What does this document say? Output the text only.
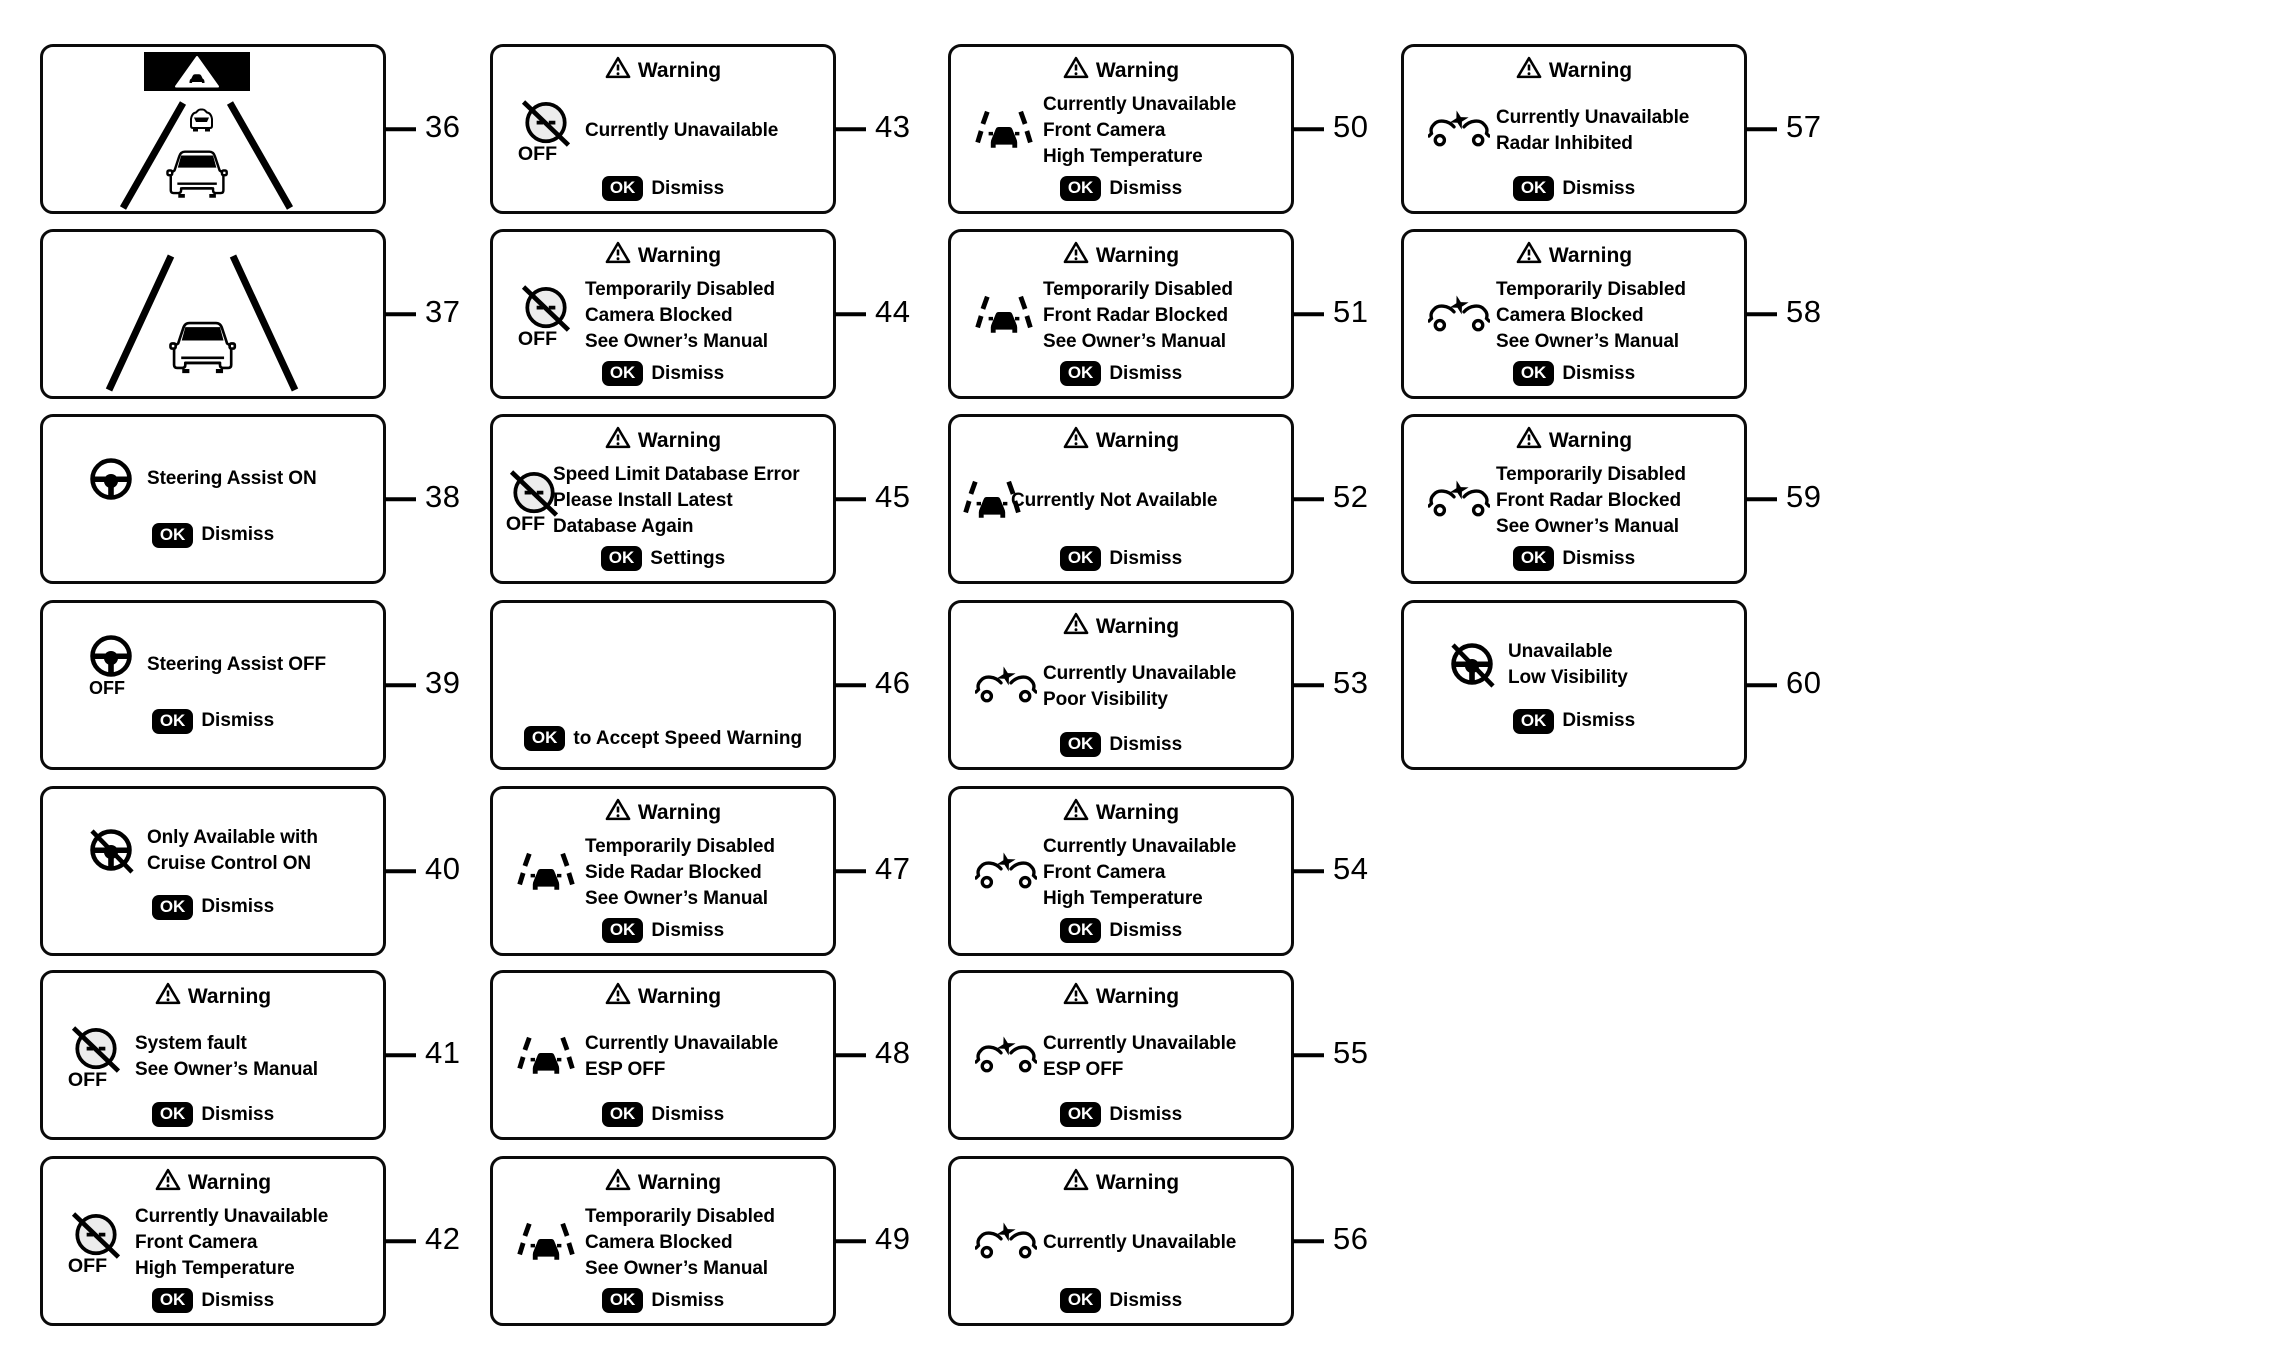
36
37
Steering Assist ON
OK Dismiss
38
OFF
Steering Assist OFF
OK Dismiss
39
Only Available with
Cruise Control ON
OK Dismiss
40
Warning
OFF
System fault
See Owner’s Manual
OK Dismiss
41
Warning
OFF
Currently Unavailable
Front Camera
High Temperature
OK Dismiss
42
Warning
OFF
Currently Unavailable
OK Dismiss
43
Warning
OFF
Temporarily Disabled
Camera Blocked
See Owner’s Manual
OK Dismiss
44
Warning
OFF
Speed Limit Database Error
Please Install Latest
Database Again
OK Settings
45
OK to Accept Speed Warning
46
Warning
Temporarily Disabled
Side Radar Blocked
See Owner’s Manual
OK Dismiss
47
Warning
Currently Unavailable
ESP OFF
OK Dismiss
48
Warning
Temporarily Disabled
Camera Blocked
See Owner’s Manual
OK Dismiss
49
Warning
Currently Unavailable
Front Camera
High Temperature
OK Dismiss
50
Warning
Temporarily Disabled
Front Radar Blocked
See Owner’s Manual
OK Dismiss
51
Warning
Currently Not Available
OK Dismiss
52
Warning
Currently Unavailable
Poor Visibility
OK Dismiss
53
Warning
Currently Unavailable
Front Camera
High Temperature
OK Dismiss
54
Warning
Currently Unavailable
ESP OFF
OK Dismiss
55
Warning
Currently Unavailable
OK Dismiss
56
Warning
Currently Unavailable
Radar Inhibited
OK Dismiss
57
Warning
Temporarily Disabled
Camera Blocked
See Owner’s Manual
OK Dismiss
58
Warning
Temporarily Disabled
Front Radar Blocked
See Owner’s Manual
OK Dismiss
59
Unavailable
Low Visibility
OK Dismiss
60
